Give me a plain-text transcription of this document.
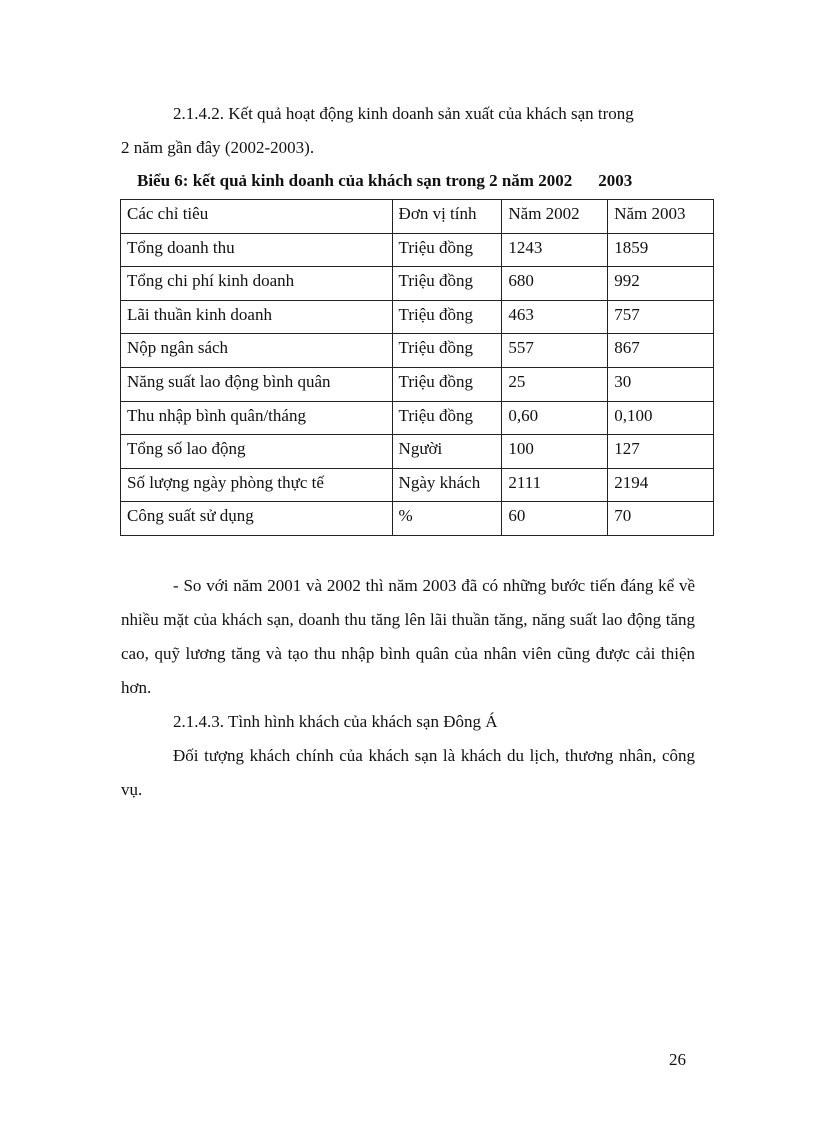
2.1.4.2. Kết quả hoạt động kinh doanh sản xuất của khách sạn trong
2 năm gần đây (2002-2003).

Biểu 6: kết quả kinh doanh của khách sạn trong 2 năm 2002 2003
Các chỉ tiêu	Đơn vị tính	Năm 2002	Năm 2003
Tổng doanh thu	Triệu đồng	1243	1859
Tổng chi phí kinh doanh	Triệu đồng	680	992
Lãi thuần kinh doanh	Triệu đồng	463	757
Nộp ngân sách	Triệu đồng	557	867
Năng suất lao động bình quân	Triệu đồng	25	30
Thu nhập bình quân/tháng	Triệu đồng	0,60	0,100
Tổng số lao động	Người	100	127
Số lượng ngày phòng thực tế	Ngày khách	2111	2194
Công suất sử dụng	%	60	70

- So với năm 2001 và 2002 thì năm 2003 đã có những bước tiến đáng kể về nhiều mặt của khách sạn, doanh thu tăng lên lãi thuần tăng, năng suất lao động tăng cao, quỹ lương tăng và tạo thu nhập bình quân của nhân viên cũng được cải thiện hơn.

2.1.4.3. Tình hình khách của khách sạn Đông Á

Đối tượng khách chính của khách sạn là khách du lịch, thương nhân, công vụ.

26
